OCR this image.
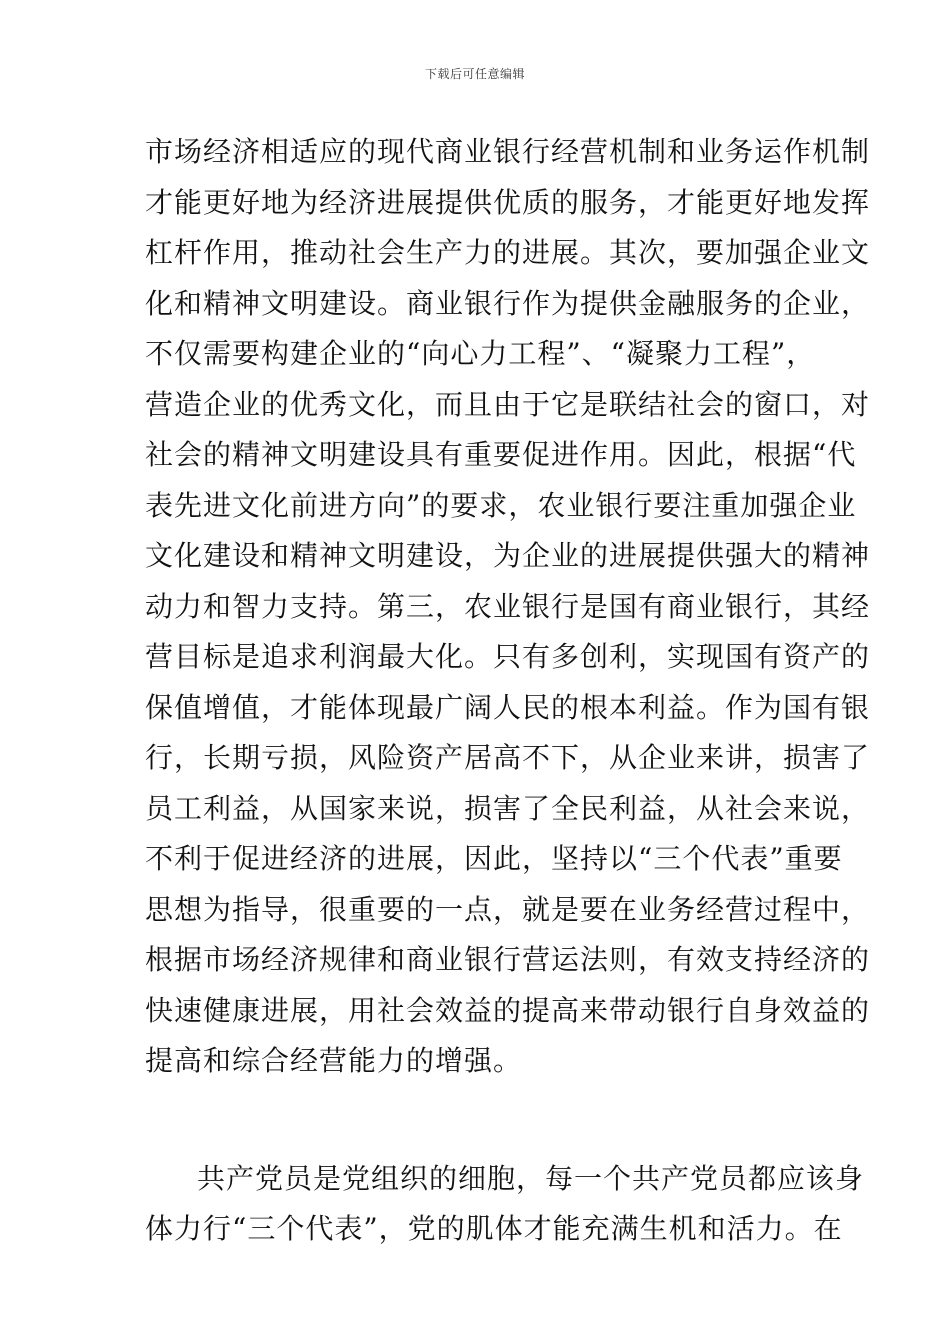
下载后可任意编辑
市场经济相适应的现代商业银行经营机制和业务运作机制
才能更好地为经济进展提供优质的服务，才能更好地发挥
杠杆作用，推动社会生产力的进展。其次，要加强企业文
化和精神文明建设。商业银行作为提供金融服务的企业，
不仅需要构建企业的“向心力工程”、“凝聚力工程”，
营造企业的优秀文化，而且由于它是联结社会的窗口，对
社会的精神文明建设具有重要促进作用。因此，根据“代
表先进文化前进方向”的要求，农业银行要注重加强企业
文化建设和精神文明建设，为企业的进展提供强大的精神
动力和智力支持。第三，农业银行是国有商业银行，其经
营目标是追求利润最大化。只有多创利，实现国有资产的
保值增值，才能体现最广阔人民的根本利益。作为国有银
行，长期亏损，风险资产居高不下，从企业来讲，损害了
员工利益，从国家来说，损害了全民利益，从社会来说，
不利于促进经济的进展，因此，坚持以“三个代表”重要
思想为指导，很重要的一点，就是要在业务经营过程中，
根据市场经济规律和商业银行营运法则，有效支持经济的
快速健康进展，用社会效益的提高来带动银行自身效益的
提高和综合经营能力的增强。
共产党员是党组织的细胞，每一个共产党员都应该身
体力行“三个代表”，党的肌体才能充满生机和活力。在
